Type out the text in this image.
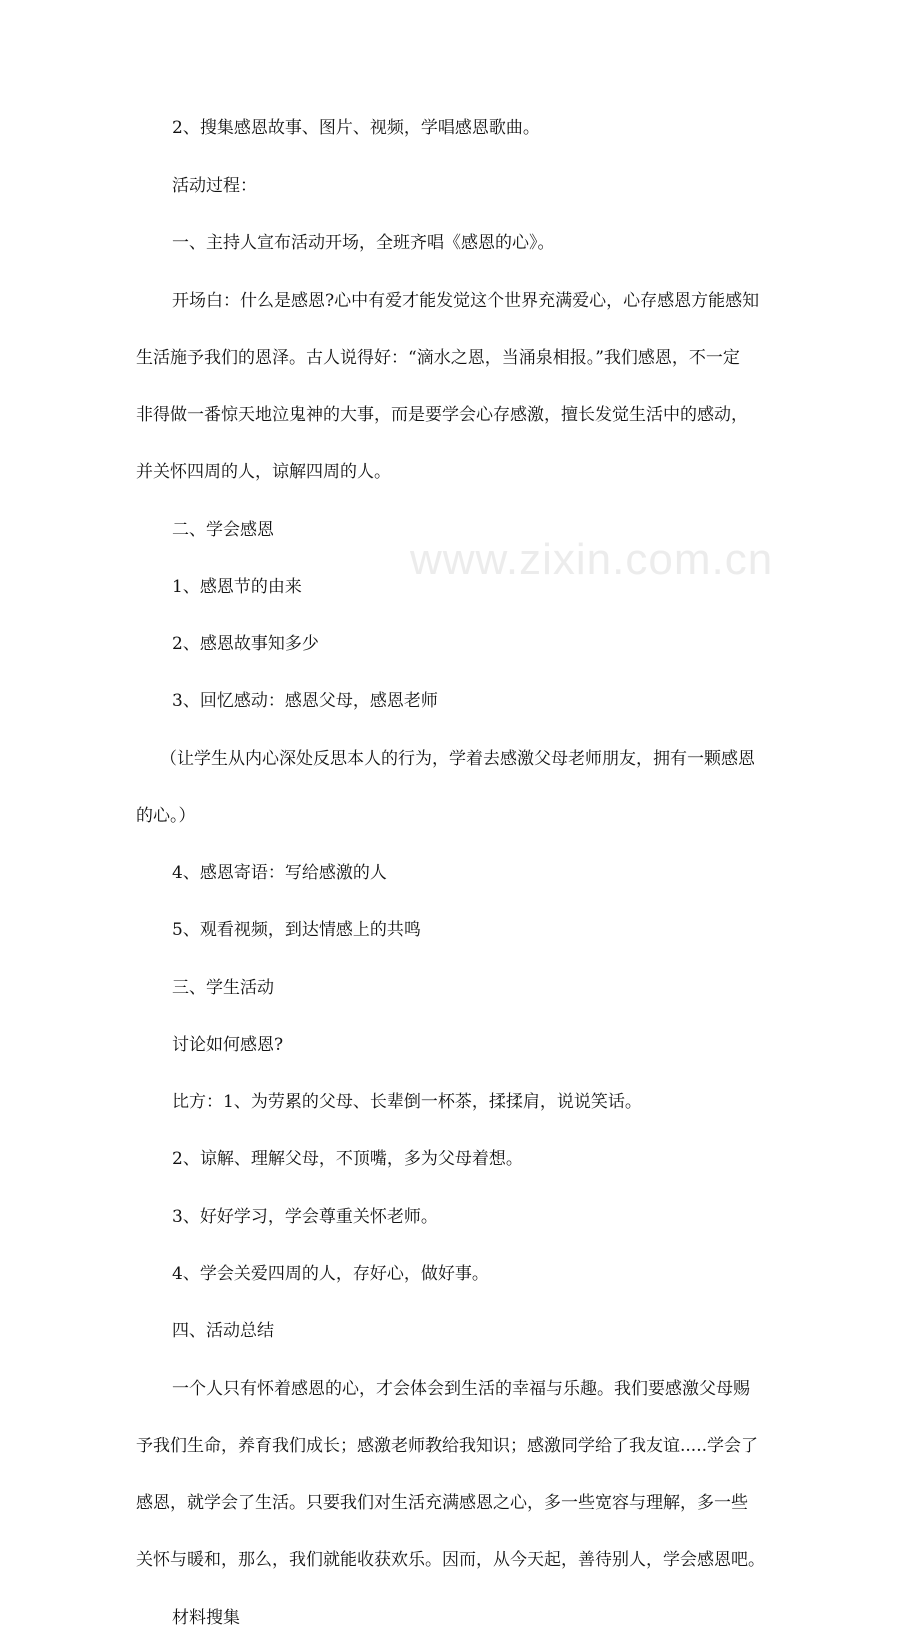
www.zixin.com.cn

2、搜集感恩故事、图片、视频，学唱感恩歌曲。

活动过程：

一、主持人宣布活动开场，全班齐唱《感恩的心》。

开场白：什么是感恩?心中有爱才能发觉这个世界充满爱心，心存感恩方能感知

生活施予我们的恩泽。古人说得好：“滴水之恩，当涌泉相报。”我们感恩，不一定

非得做一番惊天地泣鬼神的大事，而是要学会心存感激，擅长发觉生活中的感动，

并关怀四周的人，谅解四周的人。

二、学会感恩

1、感恩节的由来

2、感恩故事知多少

3、回忆感动：感恩父母，感恩老师

（让学生从内心深处反思本人的行为，学着去感激父母老师朋友，拥有一颗感恩

的心。）

4、感恩寄语：写给感激的人

5、观看视频，到达情感上的共鸣

三、学生活动

讨论如何感恩?

比方：1、为劳累的父母、长辈倒一杯茶，揉揉肩，说说笑话。

2、谅解、理解父母，不顶嘴，多为父母着想。

3、好好学习，学会尊重关怀老师。

4、学会关爱四周的人，存好心，做好事。

四、活动总结

一个人只有怀着感恩的心，才会体会到生活的幸福与乐趣。我们要感激父母赐

予我们生命，养育我们成长；感激老师教给我知识；感激同学给了我友谊.....学会了

感恩，就学会了生活。只要我们对生活充满感恩之心，多一些宽容与理解，多一些

关怀与暖和，那么，我们就能收获欢乐。因而，从今天起，善待别人，学会感恩吧。

材料搜集
